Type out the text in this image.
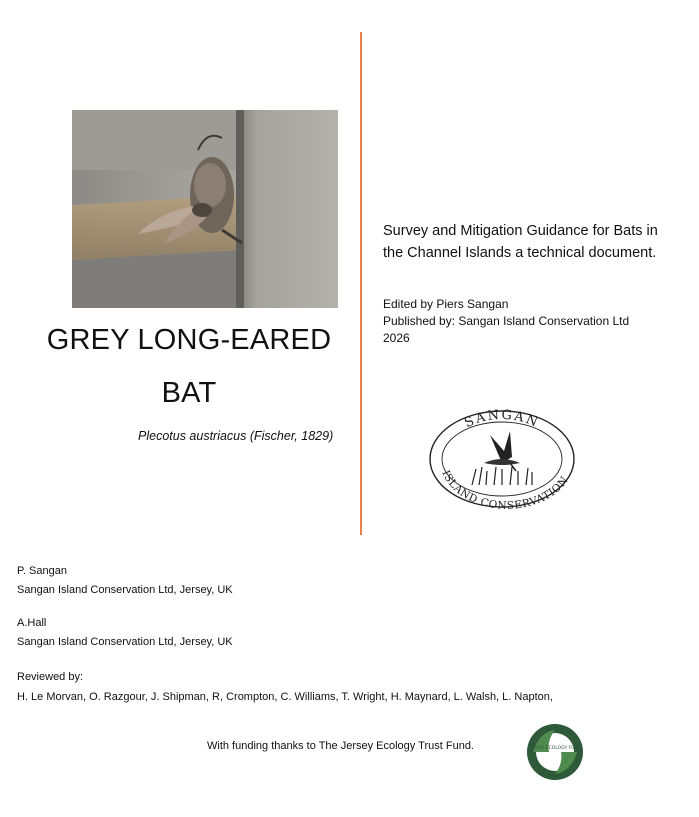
GREY LONG-EARED
BAT
Plecotus austriacus (Fischer, 1829)
Survey and Mitigation Guidance for Bats in the Channel Islands a technical document.
Edited by Piers Sangan
Published by: Sangan Island Conservation Ltd
2026
SANGAN
ISLAND CONSERVATION
P. Sangan
Sangan Island Conservation Ltd, Jersey, UK
A.Hall
Sangan Island Conservation Ltd, Jersey, UK
Reviewed by:
H. Le Morvan, O. Razgour, J. Shipman, R, Crompton, C. Williams, T. Wright, H. Maynard, L. Walsh, L. Napton,
With funding thanks to The Jersey Ecology Trust Fund.	JERSEY ECOLOGY FUND
